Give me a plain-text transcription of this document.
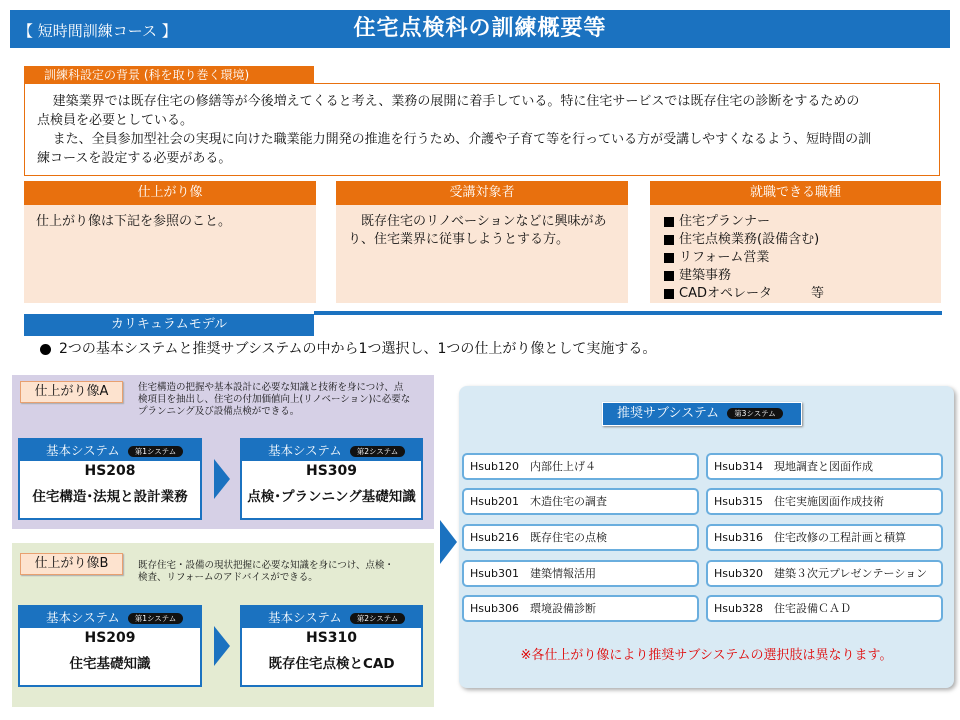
【 短時間訓練コース 】	住宅点検科の訓練概要等
訓練科設定の背景 (科を取り巻く環境)

建築業界では既存住宅の修繕等が今後増えてくると考え、業務の展開に着手している。特に住宅サービスでは既存住宅の診断をするための

点検員を必要としている。

また、全員参加型社会の実現に向けた職業能力開発の推進を行うため、介護や子育て等を行っている方が受講しやすくなるよう、短時間の訓

練コースを設定する必要がある。
仕上がり像
仕上がり像は下記を参照のこと。
受講対象者
既存住宅のリノベーションなどに興味があ
り、住宅業界に従事しようとする方。
就職できる職種
住宅プランナー
住宅点検業務(設備含む)
リフォーム営業
建築事務
CADオペレータ　　　等
カリキュラムモデル
2つの基本システムと推奨サブシステムの中から1つ選択し、1つの仕上がり像として実施する。
仕上がり像A	住宅構造の把握や基本設計に必要な知識と技術を身につけ、点
検項目を抽出し、住宅の付加価値向上(リノベーション)に必要な
プランニング及び設備点検ができる。
基本システム 第1システム
HS208
住宅構造･法規と設計業務
基本システム 第2システム
HS309
点検･プランニング基礎知識
仕上がり像B	既存住宅・設備の現状把握に必要な知識を身につけ、点検・
検査、リフォームのアドバイスができる。
基本システム 第1システム
HS209
住宅基礎知識
基本システム 第2システム
HS310
既存住宅点検とCAD
推奨サブシステム 第3システム
Hsub120　内部仕上げ４
Hsub201　木造住宅の調査
Hsub216　既存住宅の点検
Hsub301　建築情報活用
Hsub306　環境設備診断
Hsub314　現地調査と図面作成
Hsub315　住宅実施図面作成技術
Hsub316　住宅改修の工程計画と積算
Hsub320　建築３次元プレゼンテーション
Hsub328　住宅設備ＣＡＤ
※各仕上がり像により推奨サブシステムの選択肢は異なります。
